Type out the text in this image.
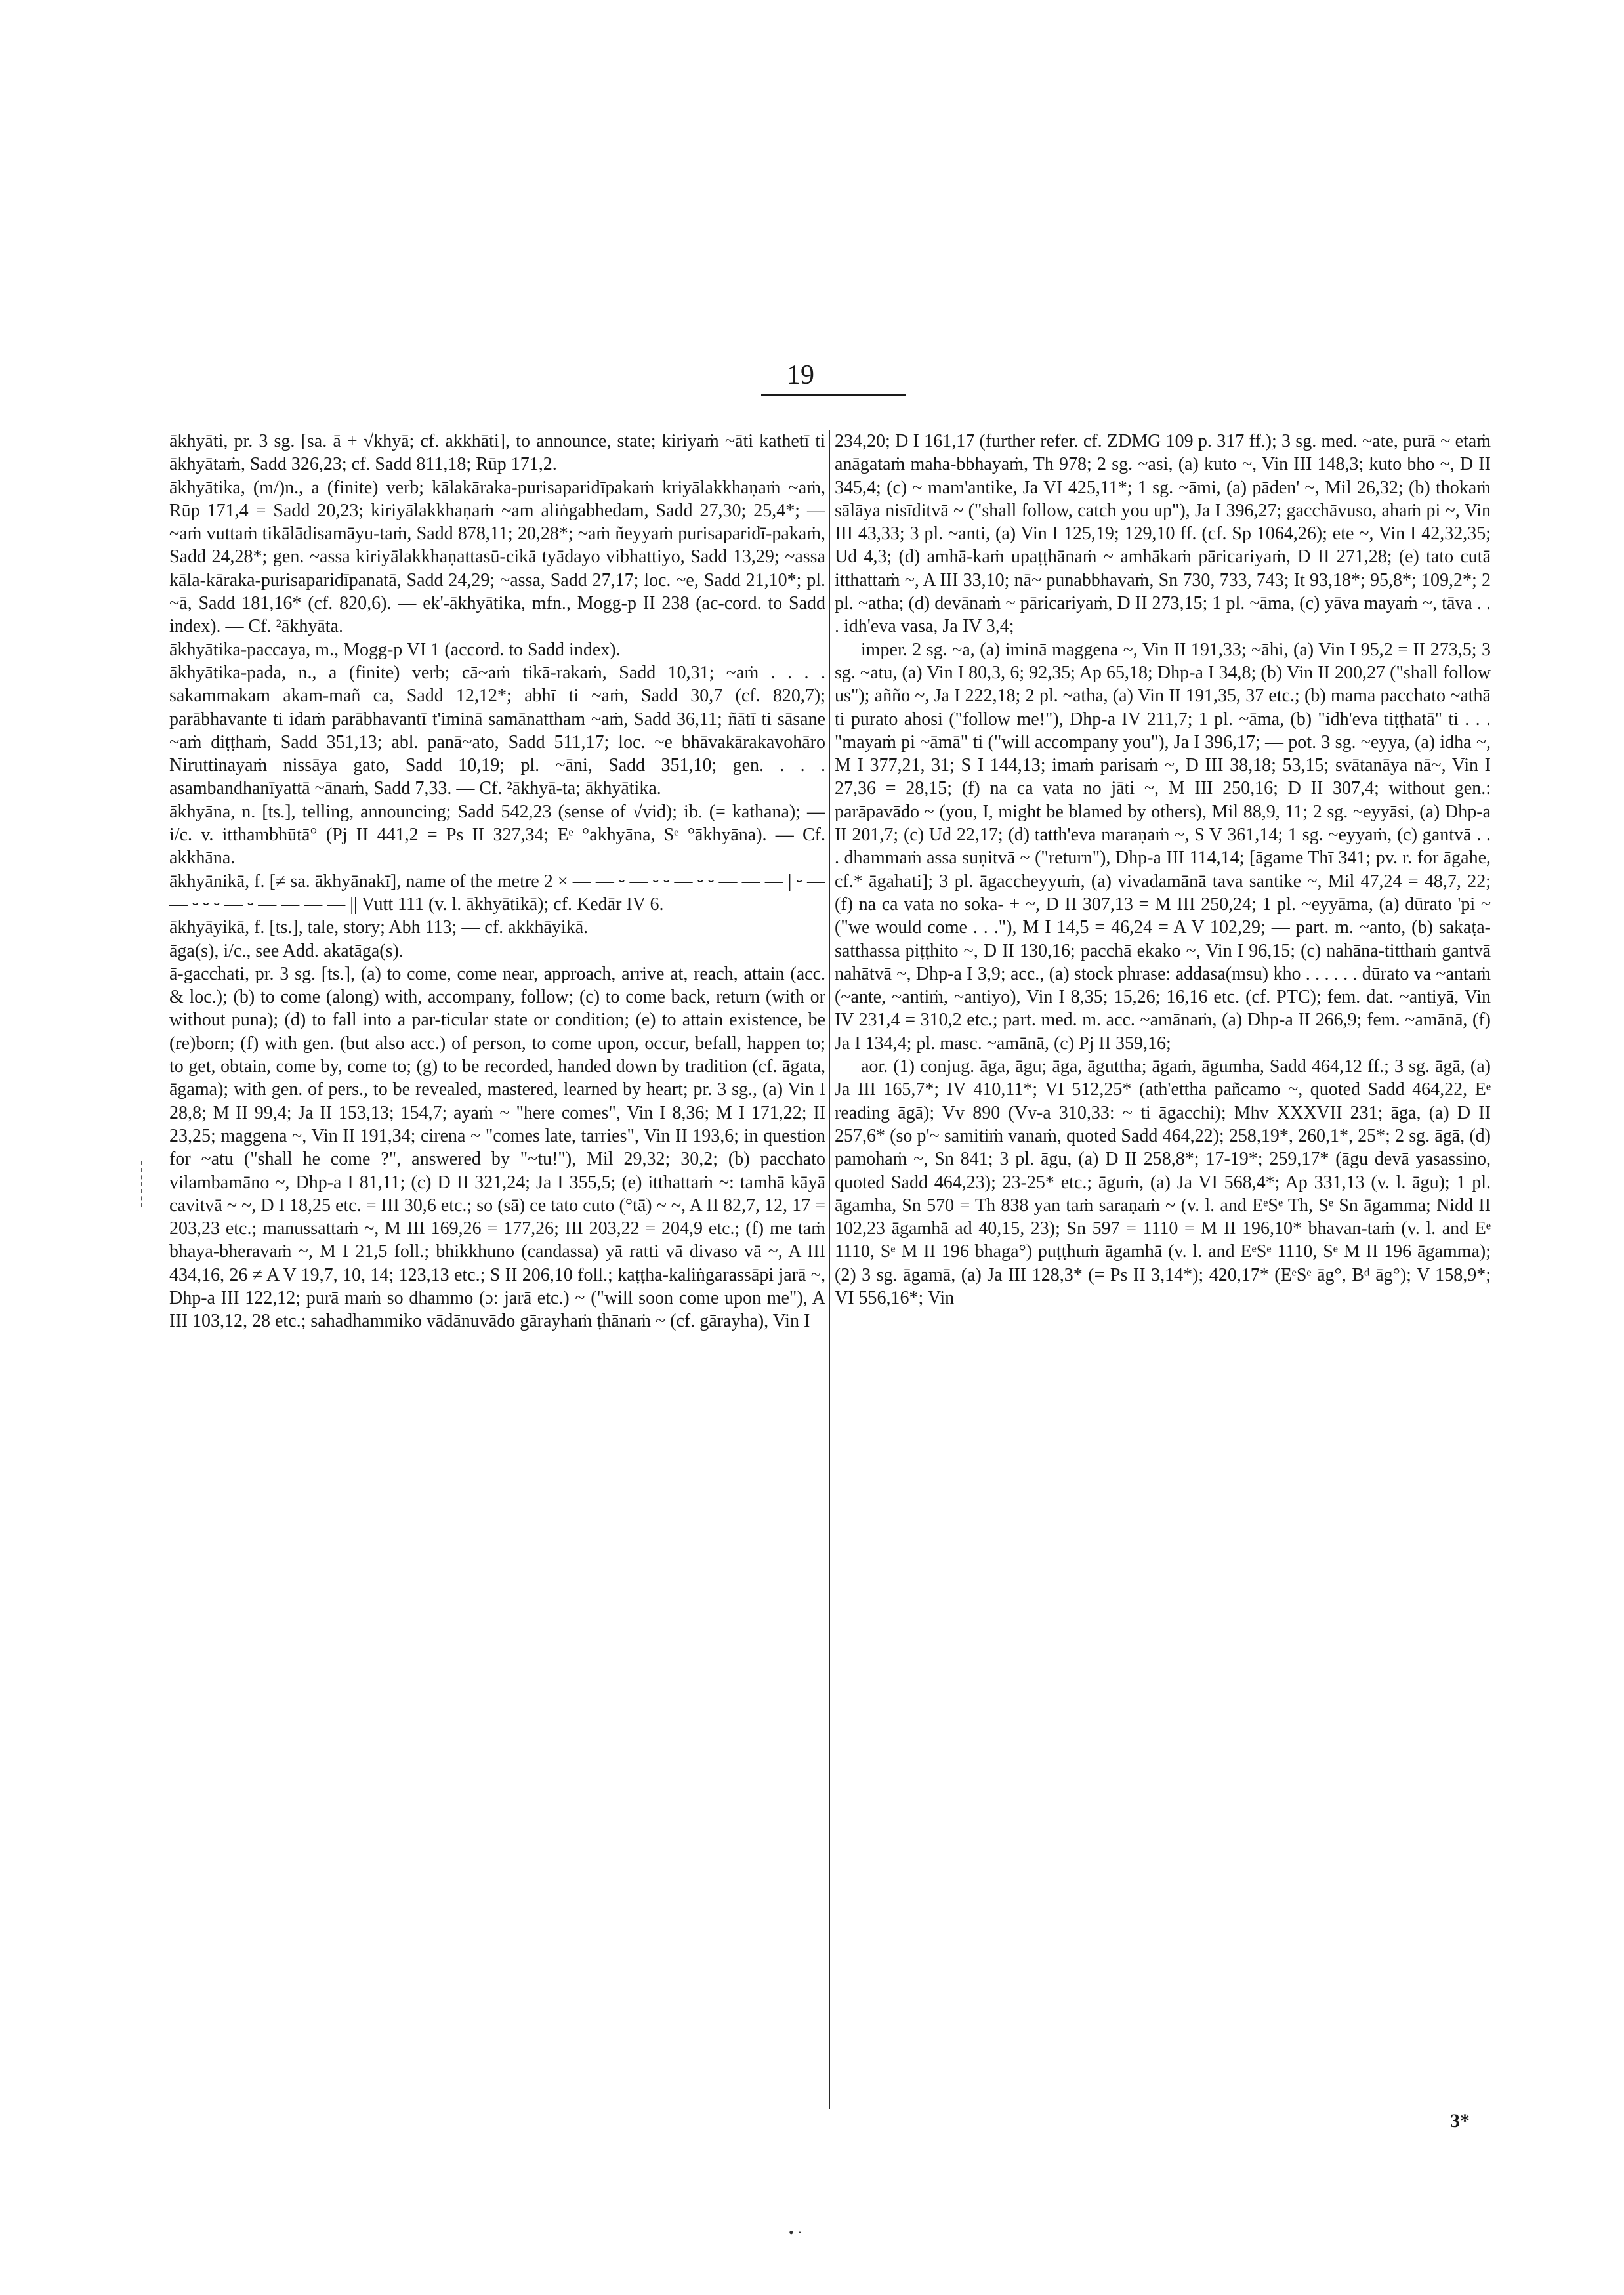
19

ākhyāti, pr. 3 sg. [sa. ā + √khyā; cf. akkhāti], to announce, state; kiriyaṁ ~āti kathetī ti ākhyātaṁ, Sadd 326,23; cf. Sadd 811,18; Rūp 171,2.

ākhyātika, (m/)n., a (finite) verb; kālakāraka-purisaparidīpakaṁ kriyālakkhaṇaṁ ~aṁ, Rūp 171,4 = Sadd 20,23; kiriyālakkhaṇaṁ ~am aliṅgabhedam, Sadd 27,30; 25,4*; — ~aṁ vuttaṁ tikālādisamāyu-taṁ, Sadd 878,11; 20,28*; ~aṁ ñeyyaṁ purisaparidī-pakaṁ, Sadd 24,28*; gen. ~assa kiriyālakkhaṇattasū-cikā tyādayo vibhattiyo, Sadd 13,29; ~assa kāla-kāraka-purisaparidīpanatā, Sadd 24,29; ~assa, Sadd 27,17; loc. ~e, Sadd 21,10*; pl. ~ā, Sadd 181,16* (cf. 820,6). — ek'-ākhyātika, mfn., Mogg-p II 238 (ac-cord. to Sadd index). — Cf. ²ākhyāta.

ākhyātika-paccaya, m., Mogg-p VI 1 (accord. to Sadd index).

ākhyātika-pada, n., a (finite) verb; cā~aṁ tikā-rakaṁ, Sadd 10,31; ~aṁ . . . . sakammakam akam-mañ ca, Sadd 12,12*; abhī ti ~aṁ, Sadd 30,7 (cf. 820,7); parābhavante ti idaṁ parābhavantī t'iminā samānattham ~aṁ, Sadd 36,11; ñātī ti sāsane ~aṁ diṭṭhaṁ, Sadd 351,13; abl. panā~ato, Sadd 511,17; loc. ~e bhāvakārakavohāro Niruttinayaṁ nissāya gato, Sadd 10,19; pl. ~āni, Sadd 351,10; gen. . . . asambandhanīyattā ~ānaṁ, Sadd 7,33. — Cf. ²ākhyā-ta; ākhyātika.

ākhyāna, n. [ts.], telling, announcing; Sadd 542,23 (sense of √vid); ib. (= kathana); — i/c. v. itthambhūtā° (Pj II 441,2 = Ps II 327,34; Eᵉ °akhyāna, Sᵉ °ākhyāna). — Cf. akkhāna.

ākhyānikā, f. [≠ sa. ākhyānakī], name of the metre 2 × — — ⏑ — ⏑ ⏑ — ⏑ ⏑ — — — | ⏑ — — ⏑ ⏑ ⏑ — ⏑ — — — — || Vutt 111 (v. l. ākhyātikā); cf. Kedār IV 6.

ākhyāyikā, f. [ts.], tale, story; Abh 113; — cf. akkhāyikā.

āga(s), i/c., see Add. akatāga(s).

ā-gacchati, pr. 3 sg. [ts.], (a) to come, come near, approach, arrive at, reach, attain (acc. & loc.); (b) to come (along) with, accompany, follow; (c) to come back, return (with or without puna); (d) to fall into a par-ticular state or condition; (e) to attain existence, be (re)born; (f) with gen. (but also acc.) of person, to come upon, occur, befall, happen to; to get, obtain, come by, come to; (g) to be recorded, handed down by tradition (cf. āgata, āgama); with gen. of pers., to be revealed, mastered, learned by heart; pr. 3 sg., (a) Vin I 28,8; M II 99,4; Ja II 153,13; 154,7; ayaṁ ~ "here comes", Vin I 8,36; M I 171,22; II 23,25; maggena ~, Vin II 191,34; cirena ~ "comes late, tarries", Vin II 193,6; in question for ~atu ("shall he come ?", answered by "~tu!"), Mil 29,32; 30,2; (b) pacchato vilambamāno ~, Dhp-a I 81,11; (c) D II 321,24; Ja I 355,5; (e) itthattaṁ ~: tamhā kāyā cavitvā ~ ~, D I 18,25 etc. = III 30,6 etc.; so (sā) ce tato cuto (°tā) ~ ~, A II 82,7, 12, 17 = 203,23 etc.; manussattaṁ ~, M III 169,26 = 177,26; III 203,22 = 204,9 etc.; (f) me taṁ bhaya-bheravaṁ ~, M I 21,5 foll.; bhikkhuno (candassa) yā ratti vā divaso vā ~, A III 434,16, 26 ≠ A V 19,7, 10, 14; 123,13 etc.; S II 206,10 foll.; kaṭṭha-kaliṅgarassāpi jarā ~, Dhp-a III 122,12; purā maṁ so dhammo (ɔ: jarā etc.) ~ ("will soon come upon me"), A III 103,12, 28 etc.; sahadhammiko vādānuvādo gārayhaṁ ṭhānaṁ ~ (cf. gārayha), Vin I

234,20; D I 161,17 (further refer. cf. ZDMG 109 p. 317 ff.); 3 sg. med. ~ate, purā ~ etaṁ anāgataṁ maha-bbhayaṁ, Th 978; 2 sg. ~asi, (a) kuto ~, Vin III 148,3; kuto bho ~, D II 345,4; (c) ~ mam'antike, Ja VI 425,11*; 1 sg. ~āmi, (a) pāden' ~, Mil 26,32; (b) thokaṁ sālāya nisīditvā ~ ("shall follow, catch you up"), Ja I 396,27; gacchāvuso, ahaṁ pi ~, Vin III 43,33; 3 pl. ~anti, (a) Vin I 125,19; 129,10 ff. (cf. Sp 1064,26); ete ~, Vin I 42,32,35; Ud 4,3; (d) amhā-kaṁ upaṭṭhānaṁ ~ amhākaṁ pāricariyaṁ, D II 271,28; (e) tato cutā itthattaṁ ~, A III 33,10; nā~ punabbhavaṁ, Sn 730, 733, 743; It 93,18*; 95,8*; 109,2*; 2 pl. ~atha; (d) devānaṁ ~ pāricariyaṁ, D II 273,15; 1 pl. ~āma, (c) yāva mayaṁ ~, tāva . . . idh'eva vasa, Ja IV 3,4;

imper. 2 sg. ~a, (a) iminā maggena ~, Vin II 191,33; ~āhi, (a) Vin I 95,2 = II 273,5; 3 sg. ~atu, (a) Vin I 80,3, 6; 92,35; Ap 65,18; Dhp-a I 34,8; (b) Vin II 200,27 ("shall follow us"); añño ~, Ja I 222,18; 2 pl. ~atha, (a) Vin II 191,35, 37 etc.; (b) mama pacchato ~athā ti purato ahosi ("follow me!"), Dhp-a IV 211,7; 1 pl. ~āma, (b) "idh'eva tiṭṭhatā" ti . . . "mayaṁ pi ~āmā" ti ("will accompany you"), Ja I 396,17; — pot. 3 sg. ~eyya, (a) idha ~, M I 377,21, 31; S I 144,13; imaṁ parisaṁ ~, D III 38,18; 53,15; svātanāya nā~, Vin I 27,36 = 28,15; (f) na ca vata no jāti ~, M III 250,16; D II 307,4; without gen.: parāpavādo ~ (you, I, might be blamed by others), Mil 88,9, 11; 2 sg. ~eyyāsi, (a) Dhp-a II 201,7; (c) Ud 22,17; (d) tatth'eva maraṇaṁ ~, S V 361,14; 1 sg. ~eyyaṁ, (c) gantvā . . . dhammaṁ assa suṇitvā ~ ("return"), Dhp-a III 114,14; [āgame Thī 341; pv. r. for āgahe, cf.* āgahati]; 3 pl. āgaccheyyuṁ, (a) vivadamānā tava santike ~, Mil 47,24 = 48,7, 22; (f) na ca vata no soka- + ~, D II 307,13 = M III 250,24; 1 pl. ~eyyāma, (a) dūrato 'pi ~ ("we would come . . ."), M I 14,5 = 46,24 = A V 102,29; — part. m. ~anto, (b) sakaṭa-satthassa piṭṭhito ~, D II 130,16; pacchā ekako ~, Vin I 96,15; (c) nahāna-titthaṁ gantvā nahātvā ~, Dhp-a I 3,9; acc., (a) stock phrase: addasa(msu) kho . . . . . . dūrato va ~antaṁ (~ante, ~antiṁ, ~antiyo), Vin I 8,35; 15,26; 16,16 etc. (cf. PTC); fem. dat. ~antiyā, Vin IV 231,4 = 310,2 etc.; part. med. m. acc. ~amānaṁ, (a) Dhp-a II 266,9; fem. ~amānā, (f) Ja I 134,4; pl. masc. ~amānā, (c) Pj II 359,16;

aor. (1) conjug. āga, āgu; āga, āguttha; āgaṁ, āgumha, Sadd 464,12 ff.; 3 sg. āgā, (a) Ja III 165,7*; IV 410,11*; VI 512,25* (ath'ettha pañcamo ~, quoted Sadd 464,22, Eᵉ reading āgā); Vv 890 (Vv-a 310,33: ~ ti āgacchi); Mhv XXXVII 231; āga, (a) D II 257,6* (so p'~ samitiṁ vanaṁ, quoted Sadd 464,22); 258,19*, 260,1*, 25*; 2 sg. āgā, (d) pamohaṁ ~, Sn 841; 3 pl. āgu, (a) D II 258,8*; 17-19*; 259,17* (āgu devā yasassino, quoted Sadd 464,23); 23-25* etc.; āguṁ, (a) Ja VI 568,4*; Ap 331,13 (v. l. āgu); 1 pl. āgamha, Sn 570 = Th 838 yan taṁ saraṇaṁ ~ (v. l. and EᵉSᵉ Th, Sᵉ Sn āgamma; Nidd II 102,23 āgamhā ad 40,15, 23); Sn 597 = 1110 = M II 196,10* bhavan-taṁ (v. l. and Eᵉ 1110, Sᵉ M II 196 bhaga°) puṭṭhuṁ āgamhā (v. l. and EᵉSᵉ 1110, Sᵉ M II 196 āgamma); (2) 3 sg. āgamā, (a) Ja III 128,3* (= Ps II 3,14*); 420,17* (EᵉSᵉ āg°, Bᵈ āg°); V 158,9*; VI 556,16*; Vin

3*
• ·
